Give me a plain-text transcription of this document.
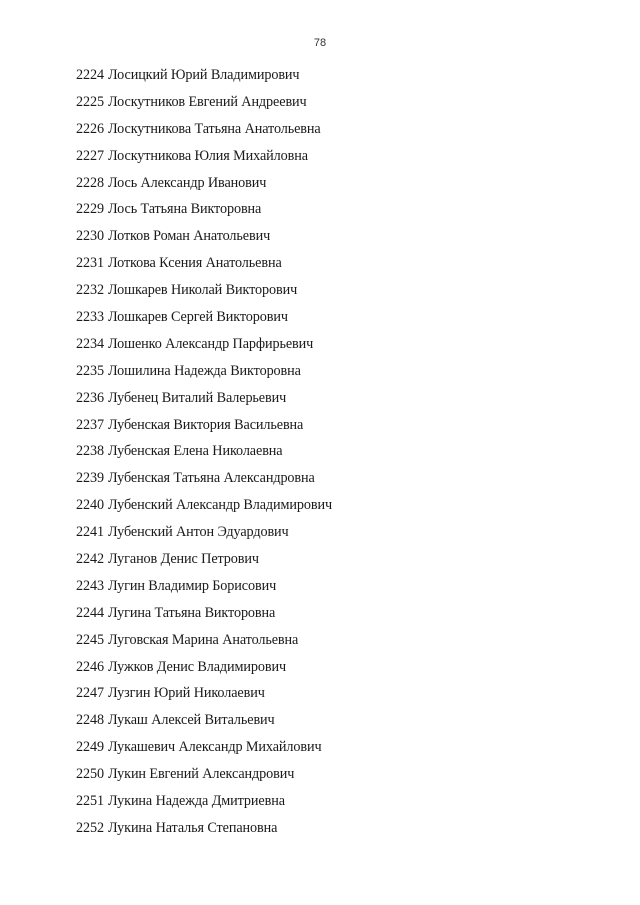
78
2224 Лосицкий Юрий Владимирович
2225 Лоскутников Евгений Андреевич
2226 Лоскутникова Татьяна Анатольевна
2227 Лоскутникова Юлия Михайловна
2228 Лось Александр Иванович
2229 Лось Татьяна Викторовна
2230 Лотков Роман Анатольевич
2231 Лоткова Ксения Анатольевна
2232 Лошкарев Николай Викторович
2233 Лошкарев Сергей Викторович
2234 Лошенко Александр Парфирьевич
2235 Лошилина Надежда Викторовна
2236 Лубенец Виталий Валерьевич
2237 Лубенская Виктория Васильевна
2238 Лубенская Елена Николаевна
2239 Лубенская Татьяна Александровна
2240 Лубенский Александр Владимирович
2241 Лубенский Антон Эдуардович
2242 Луганов Денис Петрович
2243 Лугин Владимир Борисович
2244 Лугина Татьяна Викторовна
2245 Луговская Марина Анатольевна
2246 Лужков Денис Владимирович
2247 Лузгин Юрий Николаевич
2248 Лукаш Алексей Витальевич
2249 Лукашевич Александр Михайлович
2250 Лукин Евгений Александрович
2251 Лукина Надежда Дмитриевна
2252 Лукина Наталья Степановна
